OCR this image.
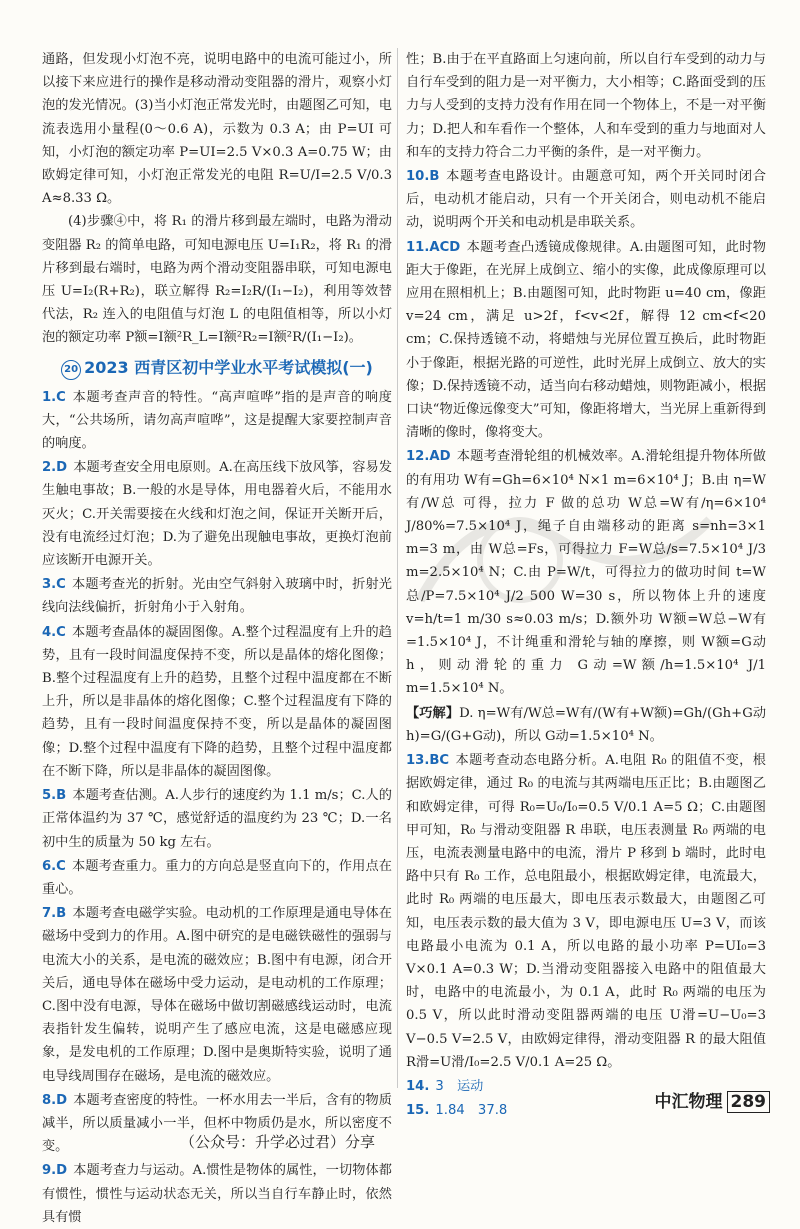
通路，但发现小灯泡不亮，说明电路中的电流可能过小，所以接下来应进行的操作是移动滑动变阻器的滑片，观察小灯泡的发光情况。(3)当小灯泡正常发光时，由题图乙可知，电流表选用小量程(0～0.6 A)，示数为 0.3 A；由 P=UI 可知，小灯泡的额定功率 P=UI=2.5 V×0.3 A=0.75 W；由欧姆定律可知，小灯泡正常发光的电阻 R=U/I=2.5 V/0.3 A≈8.33 Ω。

(4)步骤④中，将 R₁ 的滑片移到最左端时，电路为滑动变阻器 R₂ 的简单电路，可知电源电压 U=I₁R₂，将 R₁ 的滑片移到最右端时，电路为两个滑动变阻器串联，可知电源电压 U=I₂(R+R₂)，联立解得 R₂=I₂R/(I₁−I₂)，利用等效替代法，R₂ 连入的电阻值与灯泡 L 的电阻值相等，所以小灯泡的额定功率 P额=I额²R_L=I额²R₂=I额²R/(I₁−I₂)。

20 2023 西青区初中学业水平考试模拟(一)

1.C 本题考查声音的特性。“高声喧哗”指的是声音的响度大，“公共场所，请勿高声喧哗”，这是提醒大家要控制声音的响度。

2.D 本题考查安全用电原则。A.在高压线下放风筝，容易发生触电事故；B.一般的水是导体，用电器着火后，不能用水灭火；C.开关需要接在火线和灯泡之间，保证开关断开后，没有电流经过灯泡；D.为了避免出现触电事故，更换灯泡前应该断开电源开关。

3.C 本题考查光的折射。光由空气斜射入玻璃中时，折射光线向法线偏折，折射角小于入射角。

4.C 本题考查晶体的凝固图像。A.整个过程温度有上升的趋势，且有一段时间温度保持不变，所以是晶体的熔化图像；B.整个过程温度有上升的趋势，且整个过程中温度都在不断上升，所以是非晶体的熔化图像；C.整个过程温度有下降的趋势，且有一段时间温度保持不变，所以是晶体的凝固图像；D.整个过程中温度有下降的趋势，且整个过程中温度都在不断下降，所以是非晶体的凝固图像。

5.B 本题考查估测。A.人步行的速度约为 1.1 m/s；C.人的正常体温约为 37 ℃，感觉舒适的温度约为 23 ℃；D.一名初中生的质量为 50 kg 左右。

6.C 本题考查重力。重力的方向总是竖直向下的，作用点在重心。

7.B 本题考查电磁学实验。电动机的工作原理是通电导体在磁场中受到力的作用。A.图中研究的是电磁铁磁性的强弱与电流大小的关系，是电流的磁效应；B.图中有电源，闭合开关后，通电导体在磁场中受力运动，是电动机的工作原理；C.图中没有电源，导体在磁场中做切割磁感线运动时，电流表指针发生偏转，说明产生了感应电流，这是电磁感应现象，是发电机的工作原理；D.图中是奥斯特实验，说明了通电导线周围存在磁场，是电流的磁效应。

8.D 本题考查密度的特性。一杯水用去一半后，含有的物质减半，所以质量减小一半，但杯中物质仍是水，所以密度不变。

9.D 本题考查力与运动。A.惯性是物体的属性，一切物体都有惯性，惯性与运动状态无关，所以当自行车静止时，依然具有惯

性；B.由于在平直路面上匀速向前，所以自行车受到的动力与自行车受到的阻力是一对平衡力，大小相等；C.路面受到的压力与人受到的支持力没有作用在同一个物体上，不是一对平衡力；D.把人和车看作一个整体，人和车受到的重力与地面对人和车的支持力符合二力平衡的条件，是一对平衡力。

10.B 本题考查电路设计。由题意可知，两个开关同时闭合后，电动机才能启动，只有一个开关闭合，则电动机不能启动，说明两个开关和电动机是串联关系。

11.ACD 本题考查凸透镜成像规律。A.由题图可知，此时物距大于像距，在光屏上成倒立、缩小的实像，此成像原理可以应用在照相机上；B.由题图可知，此时物距 u=40 cm，像距 v=24 cm，满足 u>2f，f<v<2f，解得 12 cm<f<20 cm；C.保持透镜不动，将蜡烛与光屏位置互换后，此时物距小于像距，根据光路的可逆性，此时光屏上成倒立、放大的实像；D.保持透镜不动，适当向右移动蜡烛，则物距减小，根据口诀“物近像远像变大”可知，像距将增大，当光屏上重新得到清晰的像时，像将变大。

12.AD 本题考查滑轮组的机械效率。A.滑轮组提升物体所做的有用功 W有=Gh=6×10⁴ N×1 m=6×10⁴ J；B.由 η=W有/W总 可得，拉力 F 做的总功 W总=W有/η=6×10⁴ J/80%=7.5×10⁴ J，绳子自由端移动的距离 s=nh=3×1 m=3 m，由 W总=Fs，可得拉力 F=W总/s=7.5×10⁴ J/3 m=2.5×10⁴ N；C.由 P=W/t，可得拉力的做功时间 t=W总/P=7.5×10⁴ J/2 500 W=30 s，所以物体上升的速度 v=h/t=1 m/30 s≈0.03 m/s；D.额外功 W额=W总−W有=1.5×10⁴ J，不计绳重和滑轮与轴的摩擦，则 W额=G动 h，则动滑轮的重力 G动=W额/h=1.5×10⁴ J/1 m=1.5×10⁴ N。

【巧解】D. η=W有/W总=W有/(W有+W额)=Gh/(Gh+G动 h)=G/(G+G动)，所以 G动=1.5×10⁴ N。

13.BC 本题考查动态电路分析。A.电阻 R₀ 的阻值不变，根据欧姆定律，通过 R₀ 的电流与其两端电压正比；B.由题图乙和欧姆定律，可得 R₀=U₀/I₀=0.5 V/0.1 A=5 Ω；C.由题图甲可知，R₀ 与滑动变阻器 R 串联，电压表测量 R₀ 两端的电压，电流表测量电路中的电流，滑片 P 移到 b 端时，此时电路中只有 R₀ 工作，总电阻最小，根据欧姆定律，电流最大，此时 R₀ 两端的电压最大，即电压表示数最大，由题图乙可知，电压表示数的最大值为 3 V，即电源电压 U=3 V，而该电路最小电流为 0.1 A，所以电路的最小功率 P=UI₀=3 V×0.1 A=0.3 W；D.当滑动变阻器接入电路中的阻值最大时，电路中的电流最小，为 0.1 A，此时 R₀ 两端的电压为 0.5 V，所以此时滑动变阻器两端的电压 U滑=U−U₀=3 V−0.5 V=2.5 V，由欧姆定律得，滑动变阻器 R 的最大阻值 R滑=U滑/I₀=2.5 V/0.1 A=25 Ω。

14. 3　运动

15. 1.84　37.8	中汇物理 289
（公众号：升学必过君）分享
